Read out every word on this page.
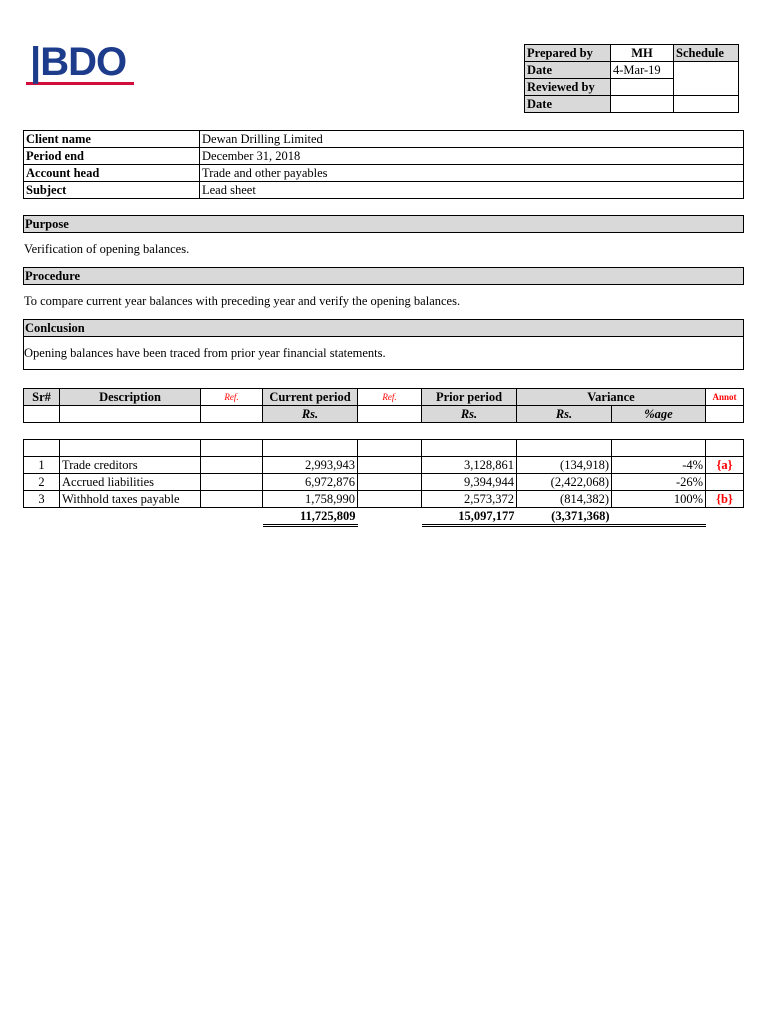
|BDO	Prepared by	MH	Schedule
Date	4-Mar-19	
Reviewed by		
Date		
Client name	Dewan Drilling Limited
Period end	December 31, 2018
Account head	Trade and other payables
Subject	Lead sheet
Purpose
Verification of opening balances.
Procedure
To compare current year balances with preceding year and verify the opening balances.
Conlcusion
Opening balances have been traced from prior year financial statements.
Sr#	Description	Ref.	Current period	Ref.	Prior period	Variance		Annot
			Rs.		Rs.	Rs.	%age	

1	Trade creditors		2,993,943		3,128,861	(134,918)	-4%	{a}
2	Accrued liabilities		6,972,876		9,394,944	(2,422,068)	-26%	
3	Withhold taxes payable		1,758,990		2,573,372	(814,382)	100%	{b}
			11,725,809		15,097,177	(3,371,368)		
